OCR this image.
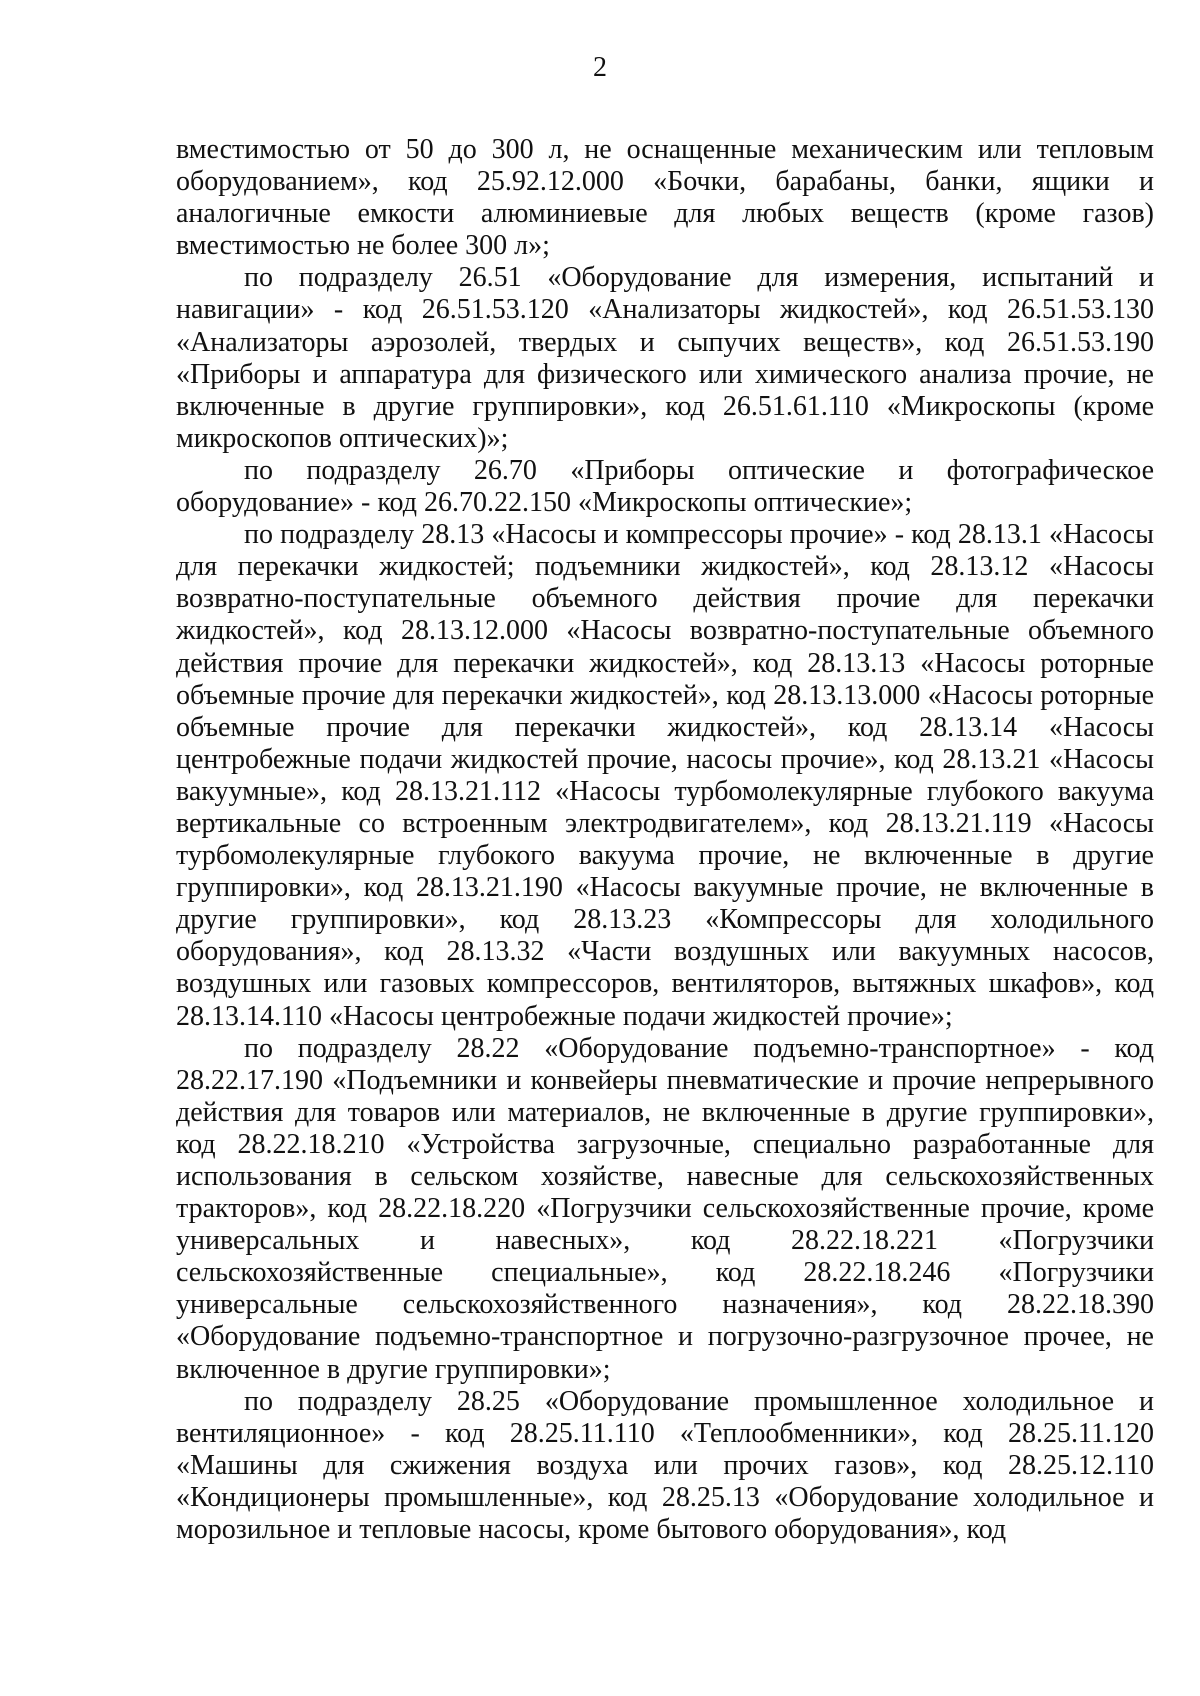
2

вместимостью от 50 до 300 л, не оснащенные механическим или тепловым оборудованием», код 25.92.12.000 «Бочки, барабаны, банки, ящики и аналогичные емкости алюминиевые для любых веществ (кроме газов) вместимостью не более 300 л»;

по подразделу 26.51 «Оборудование для измерения, испытаний и навигации» - код 26.51.53.120 «Анализаторы жидкостей», код 26.51.53.130 «Анализаторы аэрозолей, твердых и сыпучих веществ», код 26.51.53.190 «Приборы и аппаратура для физического или химического анализа прочие, не включенные в другие группировки», код 26.51.61.110 «Микроскопы (кроме микроскопов оптических)»;

по подразделу 26.70 «Приборы оптические и фотографическое оборудование» - код 26.70.22.150 «Микроскопы оптические»;

по подразделу 28.13 «Насосы и компрессоры прочие» - код 28.13.1 «Насосы для перекачки жидкостей; подъемники жидкостей», код 28.13.12 «Насосы возвратно-поступательные объемного действия прочие для перекачки жидкостей», код 28.13.12.000 «Насосы возвратно-поступательные объемного действия прочие для перекачки жидкостей», код 28.13.13 «Насосы роторные объемные прочие для перекачки жидкостей», код 28.13.13.000 «Насосы роторные объемные прочие для перекачки жидкостей», код 28.13.14 «Насосы центробежные подачи жидкостей прочие, насосы прочие», код 28.13.21 «Насосы вакуумные», код 28.13.21.112 «Насосы турбомолекулярные глубокого вакуума вертикальные со встроенным электродвигателем», код 28.13.21.119 «Насосы турбомолекулярные глубокого вакуума прочие, не включенные в другие группировки», код 28.13.21.190 «Насосы вакуумные прочие, не включенные в другие группировки», код 28.13.23 «Компрессоры для холодильного оборудования», код 28.13.32 «Части воздушных или вакуумных насосов, воздушных или газовых компрессоров, вентиляторов, вытяжных шкафов», код 28.13.14.110 «Насосы центробежные подачи жидкостей прочие»;

по подразделу 28.22 «Оборудование подъемно-транспортное» - код 28.22.17.190 «Подъемники и конвейеры пневматические и прочие непрерывного действия для товаров или материалов, не включенные в другие группировки», код 28.22.18.210 «Устройства загрузочные, специально разработанные для использования в сельском хозяйстве, навесные для сельскохозяйственных тракторов», код 28.22.18.220 «Погрузчики сельскохозяйственные прочие, кроме универсальных и навесных», код 28.22.18.221 «Погрузчики сельскохозяйственные специальные», код 28.22.18.246 «Погрузчики универсальные сельскохозяйственного назначения», код 28.22.18.390 «Оборудование подъемно-транспортное и погрузочно-разгрузочное прочее, не включенное в другие группировки»;

по подразделу 28.25 «Оборудование промышленное холодильное и вентиляционное» - код 28.25.11.110 «Теплообменники», код 28.25.11.120 «Машины для сжижения воздуха или прочих газов», код 28.25.12.110 «Кондиционеры промышленные», код 28.25.13 «Оборудование холодильное и морозильное и тепловые насосы, кроме бытового оборудования», код
